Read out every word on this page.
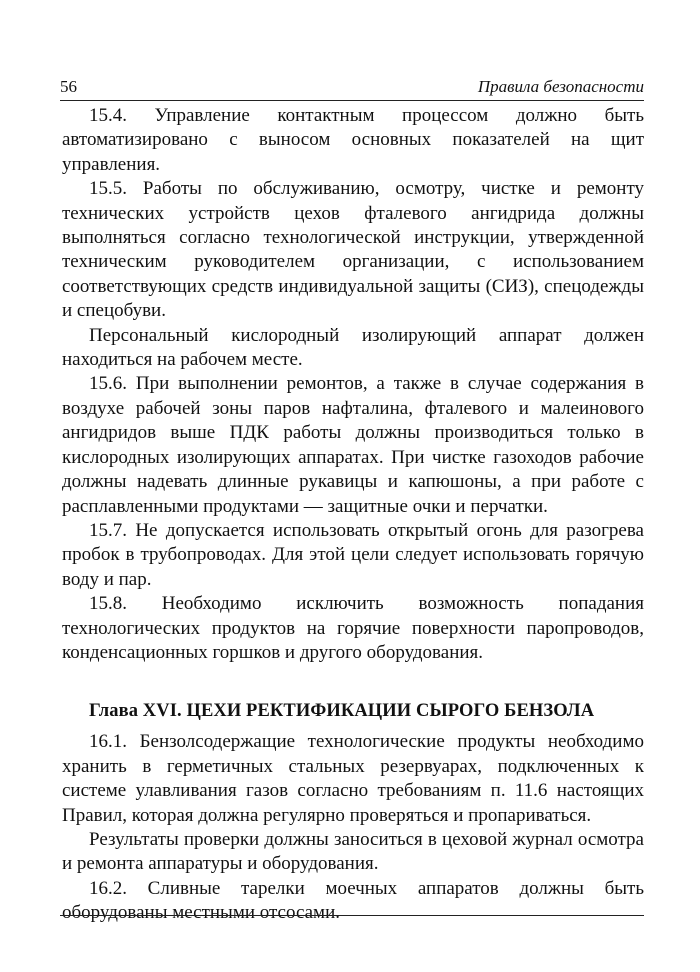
56	Правила безопасности

15.4. Управление контактным процессом должно быть автоматизировано с выносом основных показателей на щит управления.

15.5. Работы по обслуживанию, осмотру, чистке и ремонту технических устройств цехов фталевого ангидрида должны выполняться согласно технологической инструкции, утвержденной техническим руководителем организации, с использованием соответствующих средств индивидуальной защиты (СИЗ), спецодежды и спецобуви.

Персональный кислородный изолирующий аппарат должен находиться на рабочем месте.

15.6. При выполнении ремонтов, а также в случае содержания в воздухе рабочей зоны паров нафталина, фталевого и малеинового ангидридов выше ПДК работы должны производиться только в кислородных изолирующих аппаратах. При чистке газоходов рабочие должны надевать длинные рукавицы и капюшоны, а при работе с расплавленными продуктами — защитные очки и перчатки.

15.7. Не допускается использовать открытый огонь для разогрева пробок в трубопроводах. Для этой цели следует использовать горячую воду и пар.

15.8. Необходимо исключить возможность попадания технологических продуктов на горячие поверхности паропроводов, конденсационных горшков и другого оборудования.

Глава XVI. ЦЕХИ РЕКТИФИКАЦИИ СЫРОГО БЕНЗОЛА

16.1. Бензолсодержащие технологические продукты необходимо хранить в герметичных стальных резервуарах, подключенных к системе улавливания газов согласно требованиям п. 11.6 настоящих Правил, которая должна регулярно проверяться и пропариваться.

Результаты проверки должны заноситься в цеховой журнал осмотра и ремонта аппаратуры и оборудования.

16.2. Сливные тарелки моечных аппаратов должны быть оборудованы местными отсосами.
